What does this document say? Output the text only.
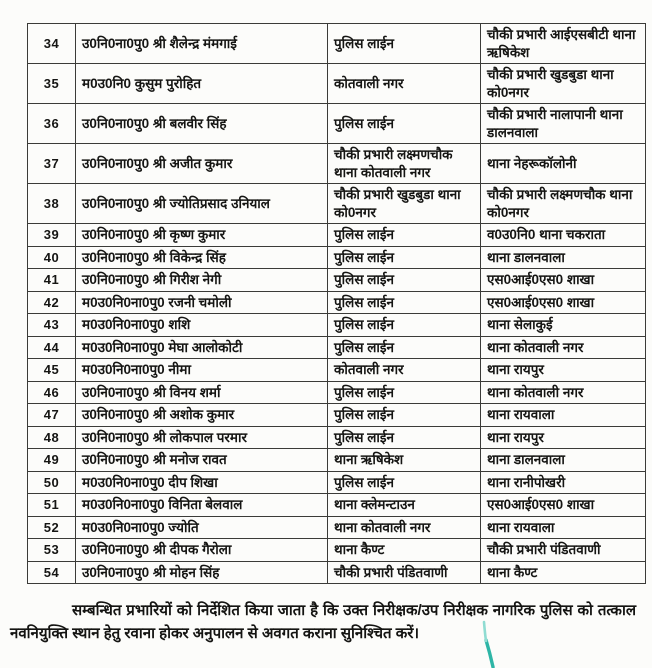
34	उ0नि0ना0पु0 श्री शैलेन्द्र मंमगाई	पुलिस लाईन	चौकी प्रभारी आईएसबीटी थाना ऋषिकेश
35	म0उ0नि0 कुसुम पुरोहित	कोतवाली नगर	चौकी प्रभारी खुडबुडा थाना को0नगर
36	उ0नि0ना0पु0 श्री बलवीर सिंह	पुलिस लाईन	चौकी प्रभारी नालापानी थाना डालनवाला
37	उ0नि0ना0पु0 श्री अजीत कुमार	चौकी प्रभारी लक्ष्मणचौक थाना कोतवाली नगर	थाना नेहरूकॉलोनी
38	उ0नि0ना0पु0 श्री ज्योतिप्रसाद उनियाल	चौकी प्रभारी खुडबुडा थाना को0नगर	चौकी प्रभारी लक्ष्मणचौक थाना को0नगर
39	उ0नि0ना0पु0 श्री कृष्ण कुमार	पुलिस लाईन	व0उ0नि0 थाना चकराता
40	उ0नि0ना0पु0 श्री विकेन्द्र सिंह	पुलिस लाईन	थाना डालनवाला
41	उ0नि0ना0पु0 श्री गिरीश नेगी	पुलिस लाईन	एस0आई0एस0 शाखा
42	म0उ0नि0ना0पु0 रजनी चमोली	पुलिस लाईन	एस0आई0एस0 शाखा
43	म0उ0नि0ना0पु0 शशि	पुलिस लाईन	थाना सेलाकुई
44	म0उ0नि0ना0पु0 मेघा आलोकोटी	पुलिस लाईन	थाना कोतवाली नगर
45	म0उ0नि0ना0पु0 नीमा	कोतवाली नगर	थाना रायपुर
46	उ0नि0ना0पु0 श्री विनय शर्मा	पुलिस लाईन	थाना कोतवाली नगर
47	उ0नि0ना0पु0 श्री अशोक कुमार	पुलिस लाईन	थाना रायवाला
48	उ0नि0ना0पु0 श्री लोकपाल परमार	पुलिस लाईन	थाना रायपुर
49	उ0नि0ना0पु0 श्री मनोज रावत	थाना ऋषिकेश	थाना डालनवाला
50	म0उ0नि0ना0पु0 दीप शिखा	पुलिस लाईन	थाना रानीपोखरी
51	म0उ0नि0ना0पु0 विनिता बेलवाल	थाना क्लेमन्टाउन	एस0आई0एस0 शाखा
52	म0उ0नि0ना0पु0 ज्योति	थाना कोतवाली नगर	थाना रायवाला
53	उ0नि0ना0पु0 श्री दीपक गैरोला	थाना कैण्ट	चौकी प्रभारी पंडितवाणी
54	उ0नि0ना0पु0 श्री मोहन सिंह	चौकी प्रभारी पंडितवाणी	थाना कैण्ट
सम्बन्धित प्रभारियों को निर्देशित किया जाता है कि उक्त निरीक्षक/उप निरीक्षक नागरिक पुलिस को तत्काल नवनियुक्ति स्थान हेतु रवाना होकर अनुपालन से अवगत कराना सुनिश्चित करें।
